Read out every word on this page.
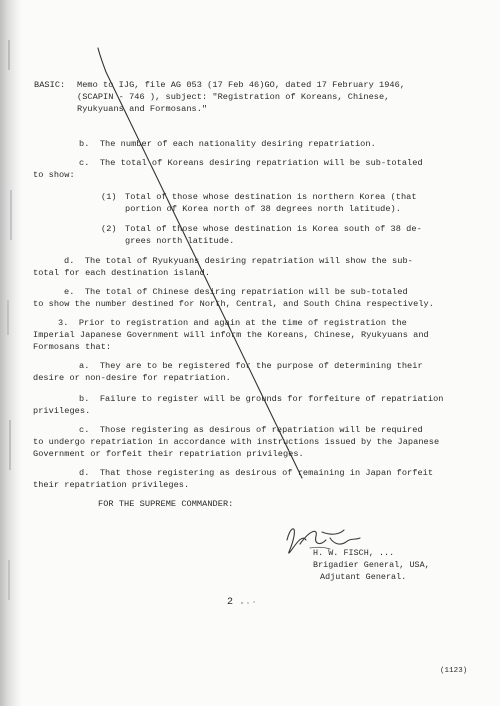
BASIC: Memo to IJG, file AG 053 (17 Feb 46)GO, dated 17 February 1946,
(SCAPIN - 746 ), subject: "Registration of Koreans, Chinese,
Ryukyuans and Formosans."
b.  The number of each nationality desiring repatriation.
c.  The total of Koreans desiring repatriation will be sub-totaled
to show:
(1) Total of those whose destination is northern Korea (that
portion of Korea north of 38 degrees north latitude).
(2) Total of those whose destination is Korea south of 38 de-
grees north latitude.
d.  The total of Ryukyuans desiring repatriation will show the sub-
total for each destination island.
e.  The total of Chinese desiring repatriation will be sub-totaled
to show the number destined for North, Central, and South China respectively.
3.  Prior to registration and again at the time of registration the
Imperial Japanese Government will inform the Koreans, Chinese, Ryukyuans and
Formosans that:
a.  They are to be registered for the purpose of determining their
desire or non-desire for repatriation.
b.  Failure to register will be grounds for forfeiture of repatriation
privileges.
c.  Those registering as desirous of repatriation will be required
to undergo repatriation in accordance with instructions issued by the Japanese
Government or forfeit their repatriation privileges.
d.  That those registering as desirous of remaining in Japan forfeit
their repatriation privileges.
FOR THE SUPREME COMMANDER:
H. W. FISCH, ...
Brigadier General, USA,
Adjutant General.
2
(1123)
